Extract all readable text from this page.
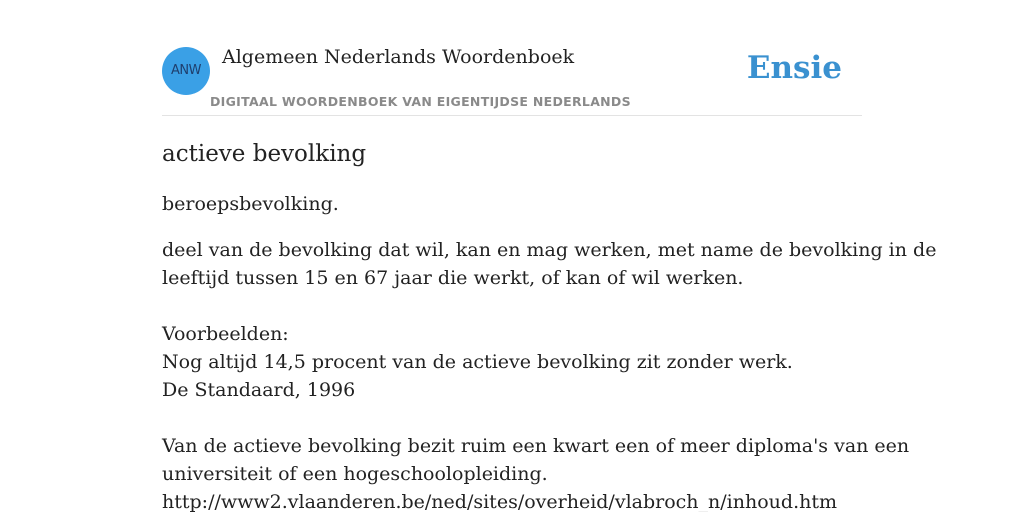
ANW
Algemeen Nederlands Woordenboek
DIGITAAL WOORDENBOEK VAN EIGENTIJDSE NEDERLANDS
Ensie
actieve bevolking

beroepsbevolking.

deel van de bevolking dat wil, kan en mag werken, met name de bevolking in de
leeftijd tussen 15 en 67 jaar die werkt, of kan of wil werken.
Voorbeelden:
Nog altijd 14,5 procent van de actieve bevolking zit zonder werk.
De Standaard, 1996
Van de actieve bevolking bezit ruim een kwart een of meer diploma's van een
universiteit of een hogeschoolopleiding.
http://www2.vlaanderen.be/ned/sites/overheid/vlabroch_n/inhoud.htm
